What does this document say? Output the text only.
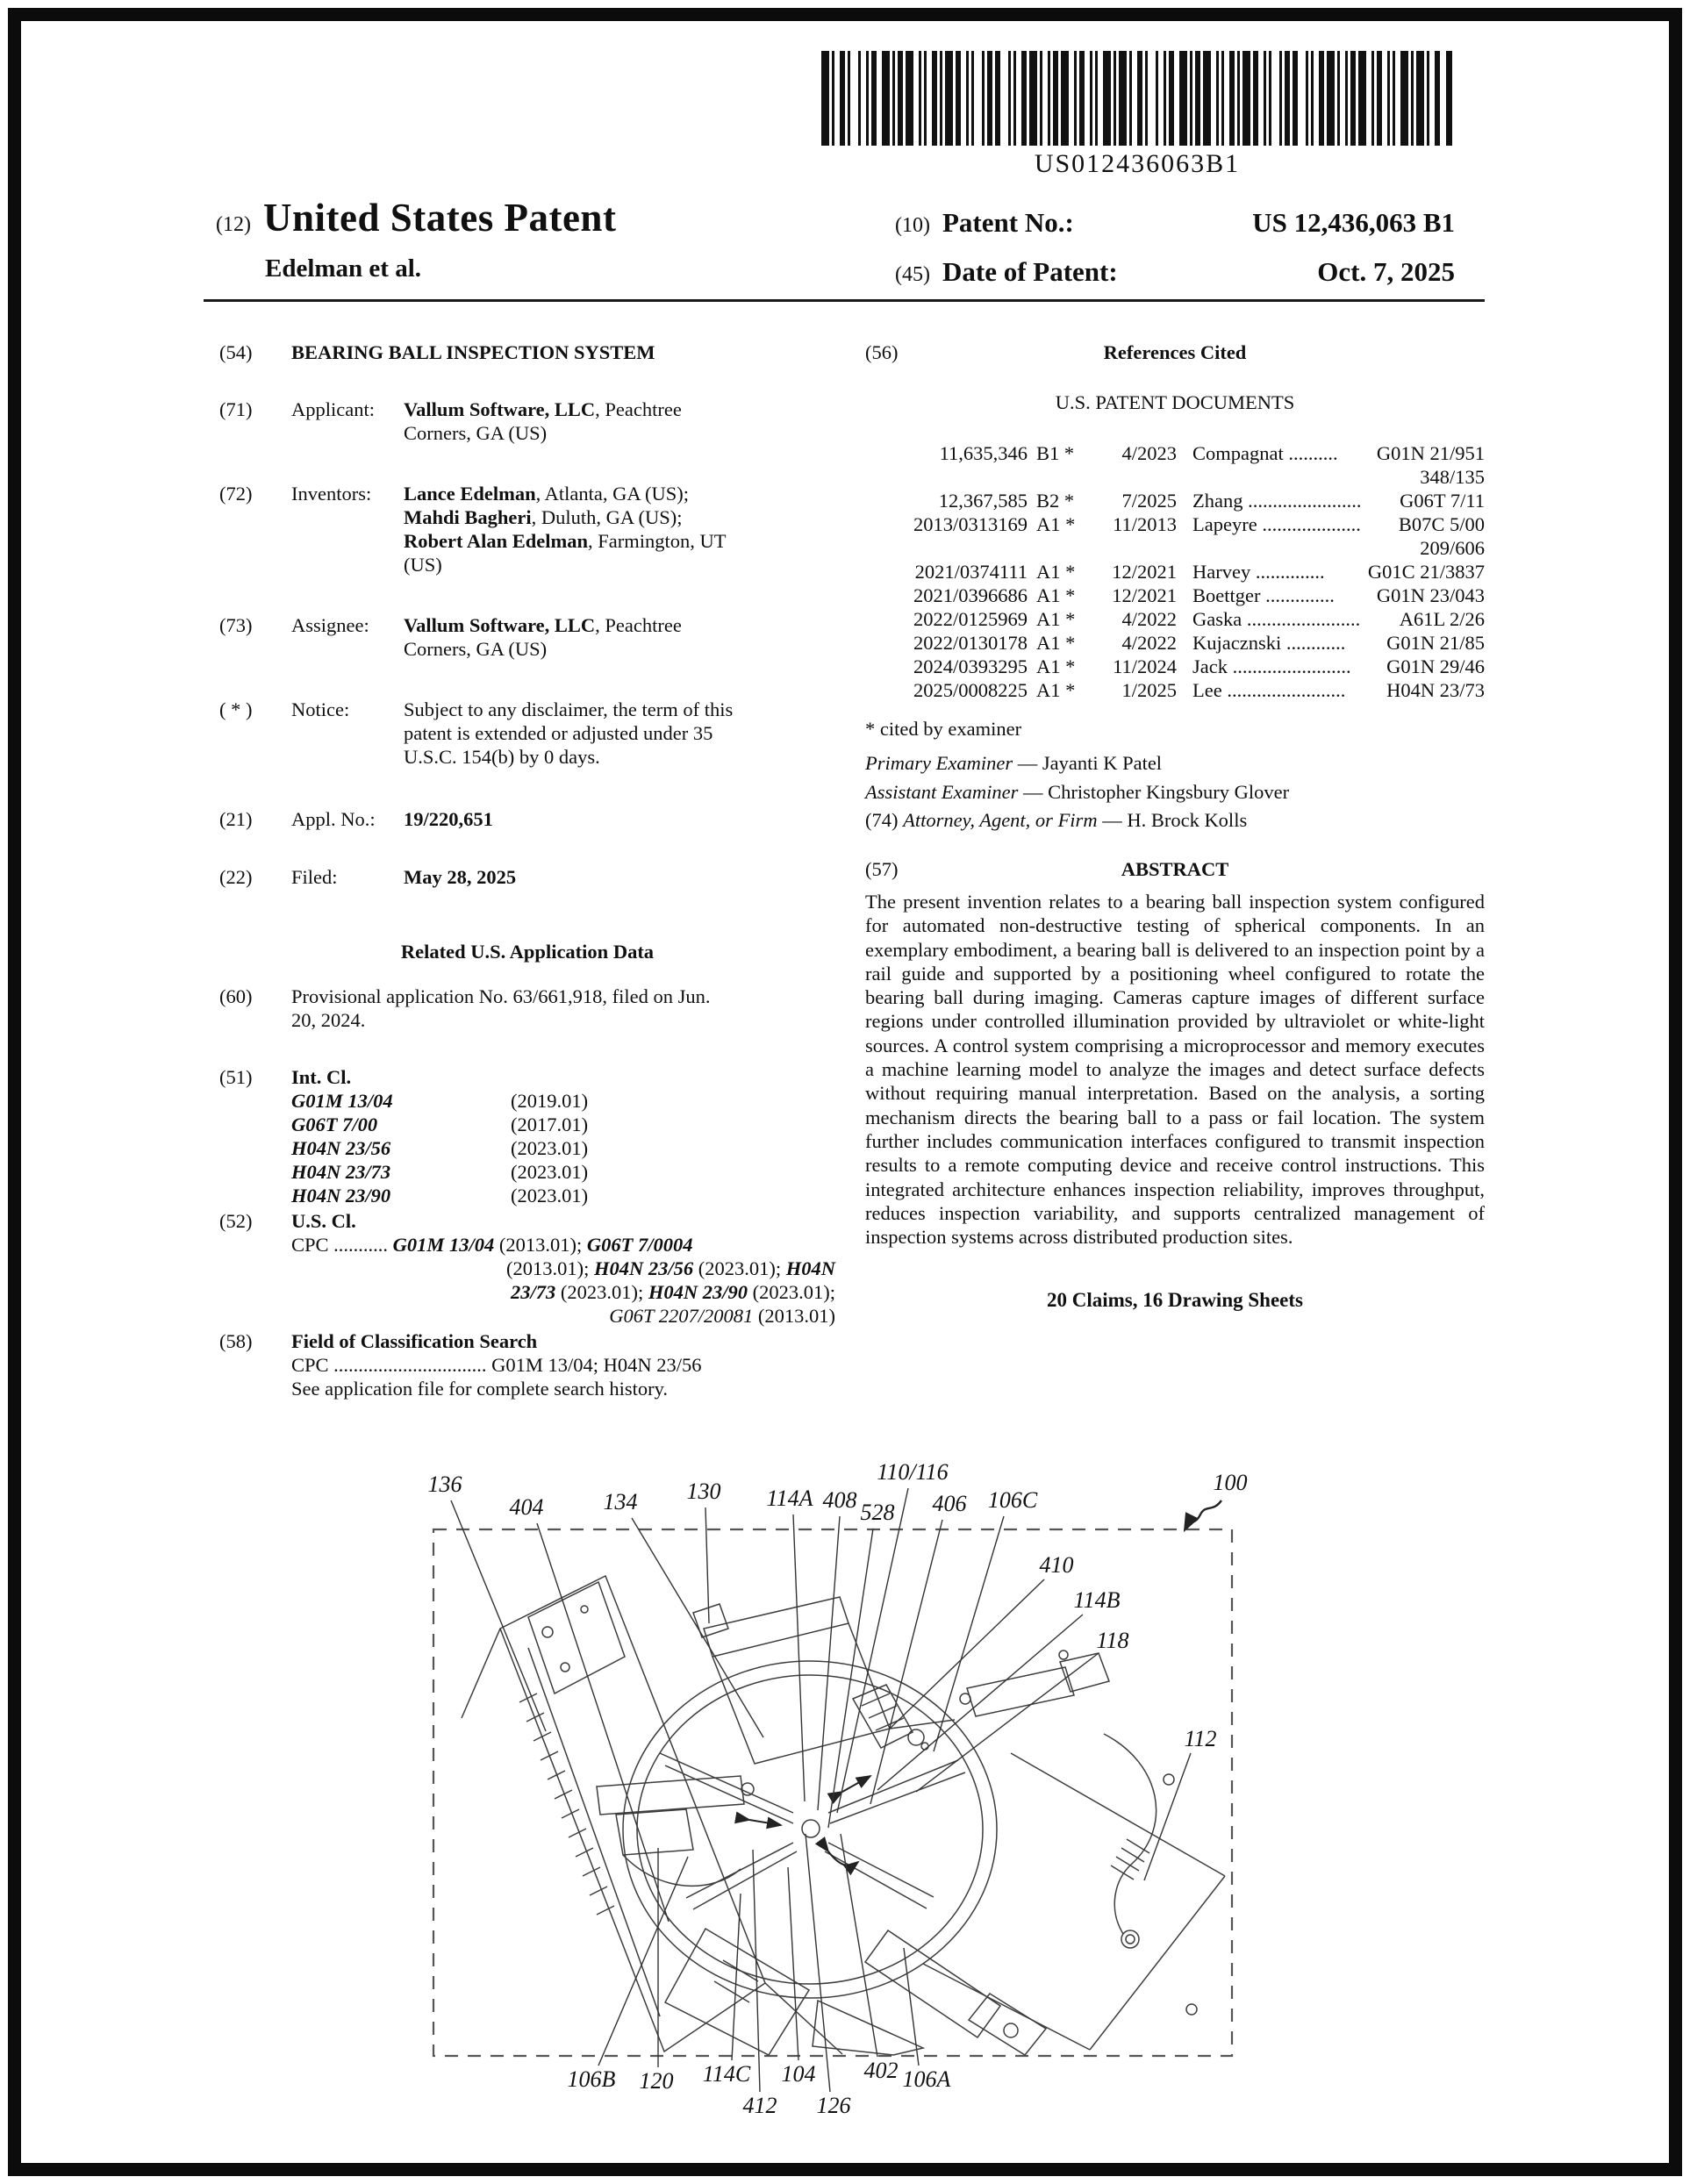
US012436063B1
(12) United States Patent
Edelman et al.
(10) Patent No.:	US 12,436,063 B1
(45) Date of Patent:	Oct. 7, 2025
(54)	BEARING BALL INSPECTION SYSTEM
(71)	Applicant:	Vallum Software, LLC, Peachtree
Corners, GA (US)
(72)	Inventors:	Lance Edelman, Atlanta, GA (US);
Mahdi Bagheri, Duluth, GA (US);
Robert Alan Edelman, Farmington, UT
(US)
(73)	Assignee:	Vallum Software, LLC, Peachtree
Corners, GA (US)
( * )	Notice:	Subject to any disclaimer, the term of this
patent is extended or adjusted under 35
U.S.C. 154(b) by 0 days.
(21)	Appl. No.:	19/220,651
(22)	Filed:	May 28, 2025
Related U.S. Application Data
(60)	Provisional application No. 63/661,918, filed on Jun.
20, 2024.
(51)	Int. Cl.
G01M 13/04	(2019.01)
G06T 7/00	(2017.01)
H04N 23/56	(2023.01)
H04N 23/73	(2023.01)
H04N 23/90	(2023.01)
(52)	U.S. Cl.
CPC ........... G01M 13/04 (2013.01); G06T 7/0004
(2013.01); H04N 23/56 (2023.01); H04N
23/73 (2023.01); H04N 23/90 (2023.01);
G06T 2207/20081 (2013.01)
(58)	Field of Classification Search
CPC ............................... G01M 13/04; H04N 23/56
See application file for complete search history.
(56)	References Cited
U.S. PATENT DOCUMENTS
11,635,346 B1 *	4/2023 Compagnat ..........	G01N 21/951
348/135
12,367,585 B2 *	7/2025 Zhang .......................	G06T 7/11
2013/0313169 A1 *	11/2013 Lapeyre ....................	B07C 5/00
209/606
2021/0374111 A1 *	12/2021 Harvey ..............	G01C 21/3837
2021/0396686 A1 *	12/2021 Boettger ..............	G01N 23/043
2022/0125969 A1 *	4/2022 Gaska .......................	A61L 2/26
2022/0130178 A1 *	4/2022 Kujacznski ............	G01N 21/85
2024/0393295 A1 *	11/2024 Jack ........................	G01N 29/46
2025/0008225 A1 *	1/2025 Lee ........................	H04N 23/73
* cited by examiner
Primary Examiner — Jayanti K Patel
Assistant Examiner — Christopher Kingsbury Glover
(74) Attorney, Agent, or Firm — H. Brock Kolls
(57)	ABSTRACT
The present invention relates to a bearing ball inspection system configured for automated non-destructive testing of spherical components. In an exemplary embodiment, a bearing ball is delivered to an inspection point by a rail guide and supported by a positioning wheel configured to rotate the bearing ball during imaging. Cameras capture images of different surface regions under controlled illumination provided by ultraviolet or white-light sources. A control system comprising a microprocessor and memory executes a machine learning model to analyze the images and detect surface defects without requiring manual interpretation. Based on the analysis, a sorting mechanism directs the bearing ball to a pass or fail location. The system further includes communication interfaces configured to transmit inspection results to a remote computing device and receive control instructions. This integrated architecture enhances inspection reliability, improves throughput, reduces inspection variability, and supports centralized management of inspection systems across distributed production sites.
20 Claims, 16 Drawing Sheets
136
404	134 130 114A 408 528
110/116
406 106C
100
410
114B
118
112
106B 120 114C
412
104
126
402 106A
